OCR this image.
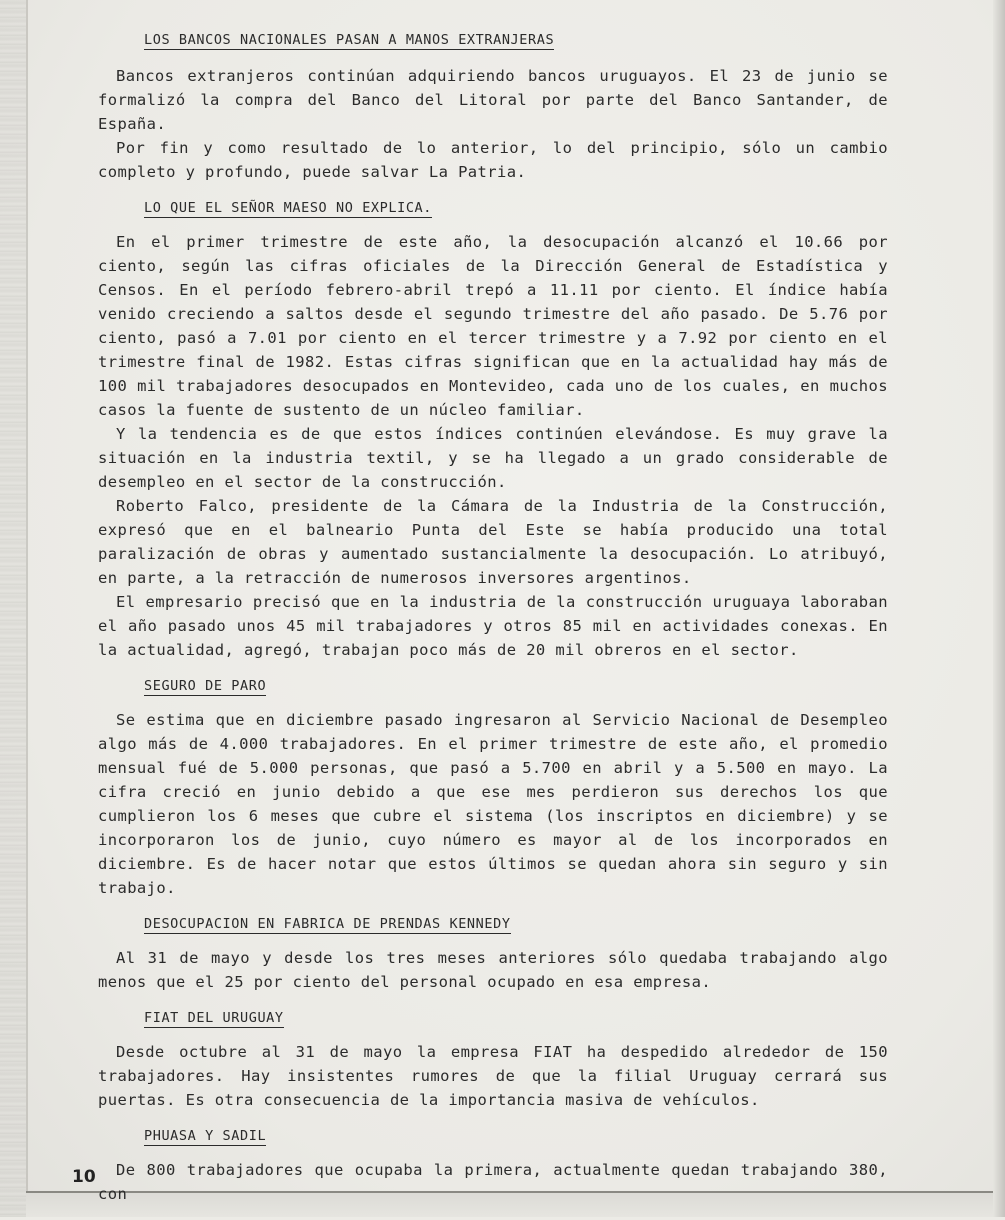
LOS BANCOS NACIONALES PASAN A MANOS EXTRANJERAS

Bancos extranjeros continúan adquiriendo bancos uruguayos. El 23 de junio se formalizó la compra del Banco del Litoral por parte del Banco Santander, de España.

Por fin y como resultado de lo anterior, lo del principio, sólo un cambio completo y profundo, puede salvar La Patria.

LO QUE EL SEÑOR MAESO NO EXPLICA.

En el primer trimestre de este año, la desocupación alcanzó el 10.66 por ciento, según las cifras oficiales de la Dirección General de Estadística y Censos. En el período febrero-abril trepó a 11.11 por ciento. El índice había venido creciendo a saltos desde el segundo trimestre del año pasado. De 5.76 por ciento, pasó a 7.01 por ciento en el tercer trimestre y a 7.92 por ciento en el trimestre final de 1982. Estas cifras significan que en la actualidad hay más de 100 mil trabajadores desocupados en Montevideo, cada uno de los cuales, en muchos casos la fuente de sustento de un núcleo familiar.

Y la tendencia es de que estos índices continúen elevándose. Es muy grave la situación en la industria textil, y se ha llegado a un grado considerable de desempleo en el sector de la construcción.

Roberto Falco, presidente de la Cámara de la Industria de la Construcción, expresó que en el balneario Punta del Este se había producido una total paralización de obras y aumentado sustancialmente la desocupación. Lo atribuyó, en parte, a la retracción de numerosos inversores argentinos.

El empresario precisó que en la industria de la construcción uruguaya laboraban el año pasado unos 45 mil trabajadores y otros 85 mil en actividades conexas. En la actualidad, agregó, trabajan poco más de 20 mil obreros en el sector.

SEGURO DE PARO

Se estima que en diciembre pasado ingresaron al Servicio Nacional de Desempleo algo más de 4.000 trabajadores. En el primer trimestre de este año, el promedio mensual fué de 5.000 personas, que pasó a 5.700 en abril y a 5.500 en mayo. La cifra creció en junio debido a que ese mes perdieron sus derechos los que cumplieron los 6 meses que cubre el sistema (los inscriptos en diciembre) y se incorporaron los de junio, cuyo número es mayor al de los incorporados en diciembre. Es de hacer notar que estos últimos se quedan ahora sin seguro y sin trabajo.

DESOCUPACION EN FABRICA DE PRENDAS KENNEDY

Al 31 de mayo y desde los tres meses anteriores sólo quedaba trabajando algo menos que el 25 por ciento del personal ocupado en esa empresa.

FIAT DEL URUGUAY

Desde octubre al 31 de mayo la empresa FIAT ha despedido alrededor de 150 trabajadores. Hay insistentes rumores de que la filial Uruguay cerrará sus puertas. Es otra consecuencia de la importancia masiva de vehículos.

PHUASA Y SADIL

De 800 trabajadores que ocupaba la primera, actualmente quedan trabajando 380, con

10
